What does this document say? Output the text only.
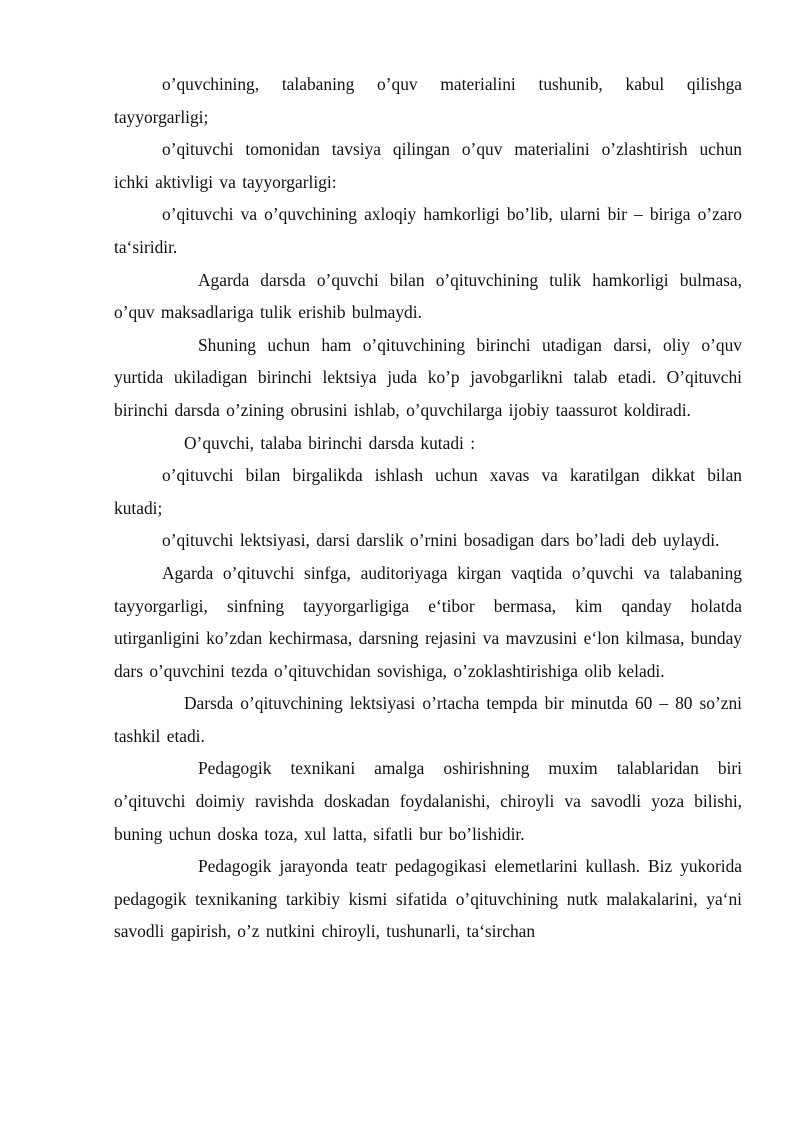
o’quvchining, talabaning o’quv materialini tushunib, kabul qilishga tayyorgarligi;

o’qituvchi tomonidan tavsiya qilingan o’quv materialini o’zlashtirish uchun ichki aktivligi va tayyorgarligi:

o’qituvchi va o’quvchining axloqiy hamkorligi bo’lib, ularni bir – biriga o’zaro ta‘siridir.

Agarda darsda o’quvchi bilan o’qituvchining tulik hamkorligi bulmasa, o’quv maksadlariga tulik erishib bulmaydi.

Shuning uchun ham o’qituvchining birinchi utadigan darsi, oliy o’quv yurtida ukiladigan birinchi lektsiya juda ko’p javobgarlikni talab etadi. O’qituvchi birinchi darsda o’zining obrusini ishlab, o’quvchilarga ijobiy taassurot koldiradi.

O’quvchi, talaba birinchi darsda kutadi :

o’qituvchi bilan birgalikda ishlash uchun xavas va karatilgan dikkat bilan kutadi;

o’qituvchi lektsiyasi, darsi darslik o’rnini bosadigan dars bo’ladi deb uylaydi.

Agarda o’qituvchi sinfga, auditoriyaga kirgan vaqtida o’quvchi va talabaning tayyorgarligi, sinfning tayyorgarligiga e‘tibor bermasa, kim qanday holatda utirganligini ko’zdan kechirmasa, darsning rejasini va mavzusini e‘lon kilmasa, bunday dars o’quvchini tezda o’qituvchidan sovishiga, o’zoklashtirishiga olib keladi.

Darsda o’qituvchining lektsiyasi o’rtacha tempda bir minutda 60 – 80 so’zni tashkil etadi.

Pedagogik texnikani amalga oshirishning muxim talablaridan biri o’qituvchi doimiy ravishda doskadan foydalanishi, chiroyli va savodli yoza bilishi, buning uchun doska toza, xul latta, sifatli bur bo’lishidir.

Pedagogik jarayonda teatr pedagogikasi elemetlarini kullash. Biz yukorida pedagogik texnikaning tarkibiy kismi sifatida o’qituvchining nutk malakalarini, ya‘ni savodli gapirish, o’z nutkini chiroyli, tushunarli, ta‘sirchan
